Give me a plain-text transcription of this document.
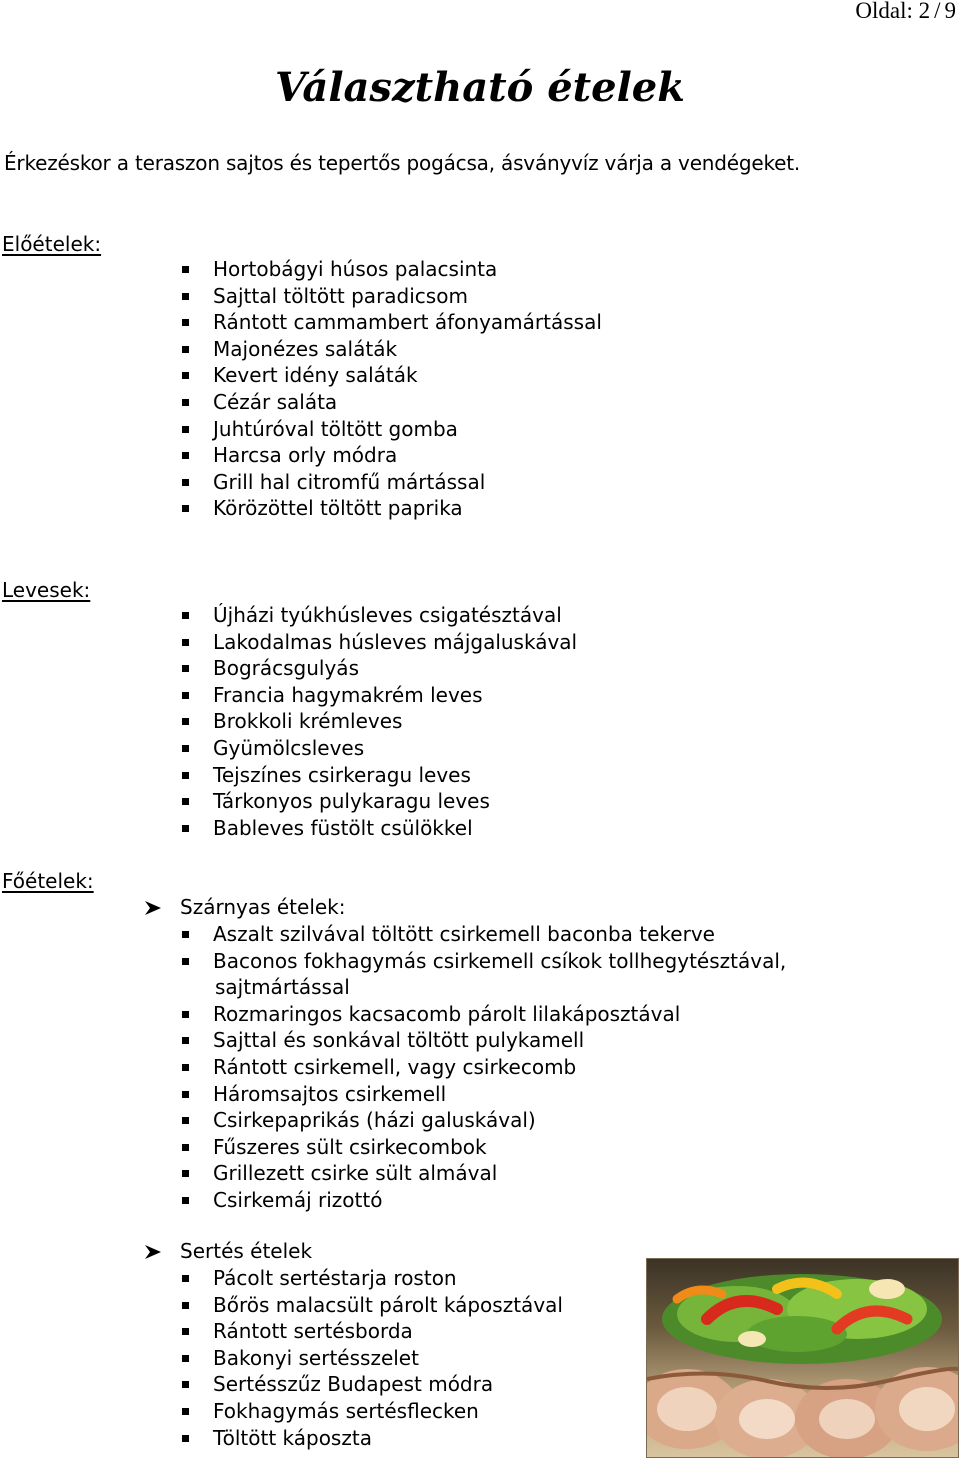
Oldal: 2 / 9
Választható ételek
Érkezéskor a teraszon sajtos és tepertős pogácsa, ásványvíz várja a vendégeket.
Előételek:
Hortobágyi húsos palacsinta
Sajttal töltött paradicsom
Rántott cammambert áfonyamártással
Majonézes saláták
Kevert idény saláták
Cézár saláta
Juhtúróval töltött gomba
Harcsa orly módra
Grill hal citromfű mártással
Körözöttel töltött paprika
Levesek:
Újházi tyúkhúsleves csigatésztával
Lakodalmas húsleves májgaluskával
Bográcsgulyás
Francia hagymakrém leves
Brokkoli krémleves
Gyümölcsleves
Tejszínes csirkeragu leves
Tárkonyos pulykaragu leves
Bableves füstölt csülökkel
Főételek:
Szárnyas ételek:
Aszalt szilvával töltött csirkemell baconba tekerve
Baconos fokhagymás csirkemell csíkok tollhegytésztával,
sajtmártással
Rozmaringos kacsacomb párolt lilakáposztával
Sajttal és sonkával töltött pulykamell
Rántott csirkemell, vagy csirkecomb
Háromsajtos csirkemell
Csirkepaprikás (házi galuskával)
Fűszeres sült csirkecombok
Grillezett csirke sült almával
Csirkemáj rizottó
Sertés ételek
Pácolt sertéstarja roston
Bőrös malacsült párolt káposztával
Rántott sertésborda
Bakonyi sertésszelet
Sertésszűz Budapest módra
Fokhagymás sertésflecken
Töltött káposzta
